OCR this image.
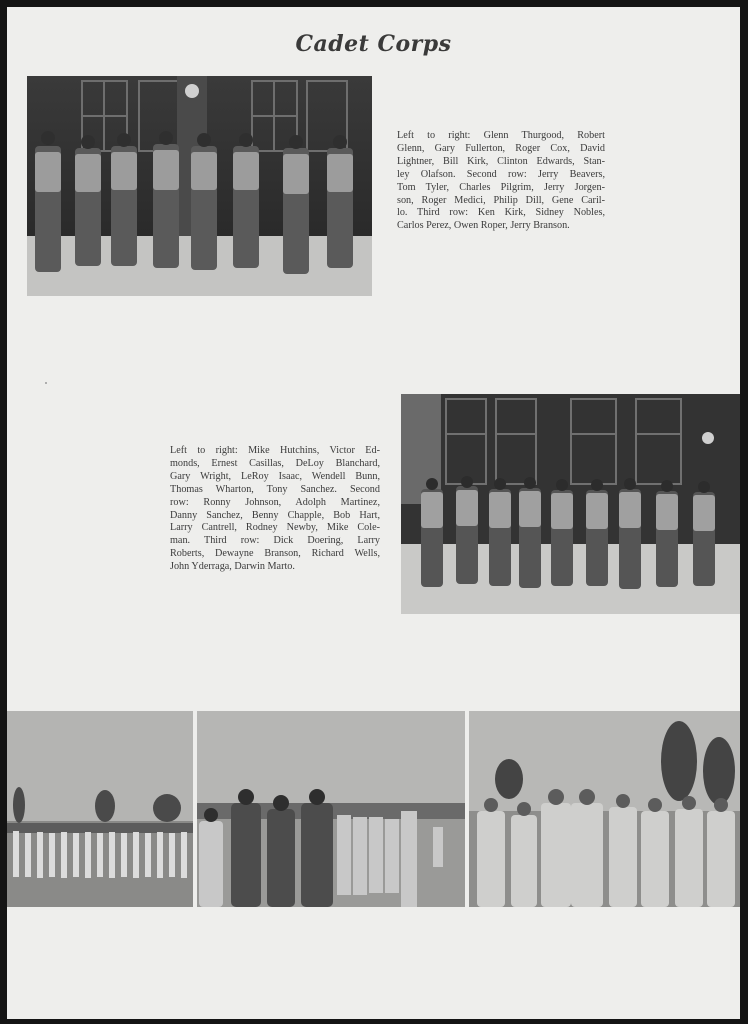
Cadet Corps

Left to right: Glenn Thurgood, Robert
Glenn, Gary Fullerton, Roger Cox, David
Lightner, Bill Kirk, Clinton Edwards, Stan-
ley Olafson. Second row: Jerry Beavers,
Tom Tyler, Charles Pilgrim, Jerry Jorgen-
son, Roger Medici, Philip Dill, Gene Caril-
lo. Third row: Ken Kirk, Sidney Nobles,
Carlos Perez, Owen Roper, Jerry Branson.

Left to right: Mike Hutchins, Victor Ed-
monds, Ernest Casillas, DeLoy Blanchard,
Gary Wright, LeRoy Isaac, Wendell Bunn,
Thomas Wharton, Tony Sanchez. Second
row: Ronny Johnson, Adolph Martinez,
Danny Sanchez, Benny Chapple, Bob Hart,
Larry Cantrell, Rodney Newby, Mike Cole-
man. Third row: Dick Doering, Larry
Roberts, Dewayne Branson, Richard Wells,
John Yderraga, Darwin Marto.
